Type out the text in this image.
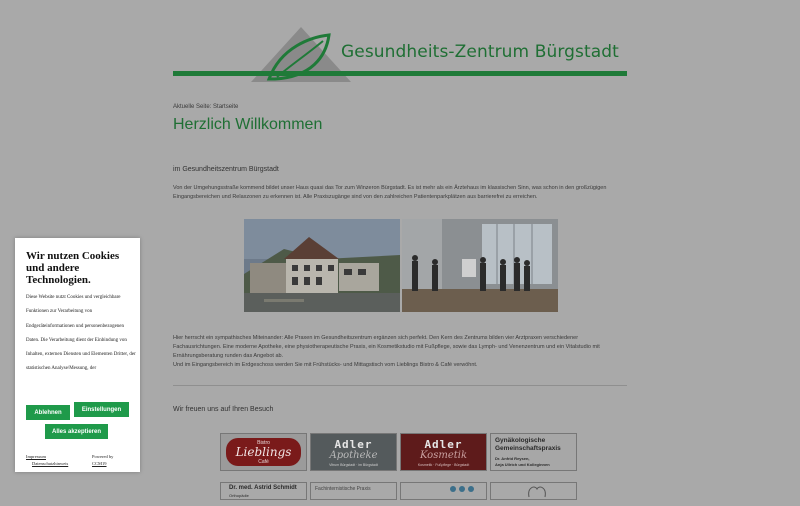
Gesundheits-Zentrum Bürgstadt
Aktuelle Seite: Startseite
Herzlich Willkommen
im Gesundheitszentrum Bürgstadt
Von der Umgehungsstraße kommend bildet unser Haus quasi das Tor zum Winzeron Bürgstadt. Es ist mehr als ein Ärztehaus im klassischen Sinn, was schon in den großzügigen Eingangsbereichen und Relaxzonen zu erkennen ist. Alle Praxiszugänge sind von den zahlreichen Patientenparkplätzen aus barrierefrei zu erreichen.
Hier herrscht ein sympathisches Miteinander: Alle Praxen im Gesundheitszentrum ergänzen sich perfekt. Den Kern des Zentrums bilden vier Arztpraxen verschiedener Fachausrichtungen. Eine moderne Apotheke, eine physiotherapeutische Praxis, ein Kosmetikstudio mit Fußpflege, sowie das Lymph- und Venenzentrum und ein Vitalstudio mit Ernährungsberatung runden das Angebot ab.
Und im Eingangsbereich im Erdgeschoss werden Sie mit Frühstücks- und Mittagstisch vom Lieblings Bistro & Café verwöhnt.
Wir freuen uns auf Ihren Besuch
Bistro
Lieblings
Café
Adler
Apotheke
Vitrum Bürgstadt · im Bürgstadt
Adler
Kosmetik
Kosmetik · Fußpflege · Bürgstadt
Gynäkologische Gemeinschaftspraxis
Dr. Anfrid Reysen,
Anja Ullrich und Kolleginnen
Dr. med. Astrid Schmidt
Orthopädie
Fachinternistische Praxis
Wir nutzen Cookies und andere Technologien.
Diese Website nutzt Cookies und vergleichbare Funktionen zur Verarbeitung von Endgeräteinformationen und personenbezogenen Daten. Die Verarbeitung dient der Einbindung von Inhalten, externen Diensten und Elementen Dritter, der statistischen Analyse/Messung, der
Ablehnen	Einstellungen
Alles akzeptieren
Impressum
Datenschutzhinweis
Powered by
CCM19
